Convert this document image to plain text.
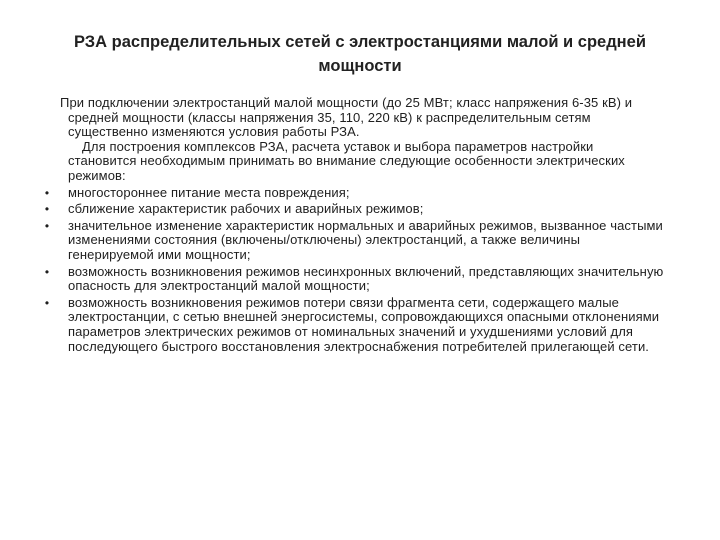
РЗА распределительных сетей с электростанциями малой и средней мощности

При подключении электростанций малой мощности (до 25 МВт; класс напряжения 6-35 кВ) и средней мощности (классы напряжения 35, 110, 220 кВ) к распределительным сетям существенно изменяются условия работы РЗА.

Для построения комплексов РЗА, расчета уставок и выбора параметров настройки становится необходимым принимать во внимание следующие особенности электрических режимов:

• многостороннее питание места повреждения;
• сближение характеристик рабочих и аварийных режимов;
• значительное изменение характеристик нормальных и аварийных режимов, вызванное частыми изменениями состояния (включены/отключены) электростанций, а также величины генерируемой ими мощности;
• возможность возникновения режимов несинхронных включений, представляющих значительную опасность для электростанций малой мощности;
• возможность возникновения режимов потери связи фрагмента сети, содержащего малые электростанции, с сетью внешней энергосистемы, сопровождающихся опасными отклонениями параметров электрических режимов от номинальных значений и ухудшениями условий для последующего быстрого восстановления электроснабжения потребителей прилегающей сети.
